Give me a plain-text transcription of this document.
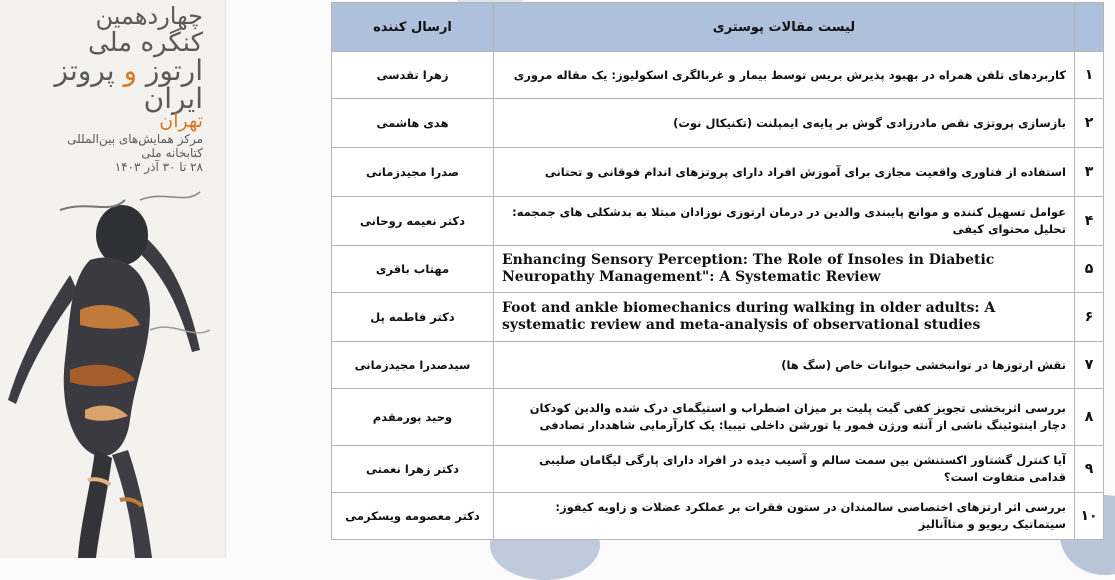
چهاردهمین
کنگره ملی
ارتوز و پروتز
ایران
تهران
مرکز همایش‌های بین‌المللی
کتابخانه ملی
۲۸ تا ۳۰ آذر ۱۴۰۳
	لیست مقالات پوستری	ارسال کننده
۱	کاربردهای تلفن همراه در بهبود پذیرش بریس توسط بیمار و غربالگری اسکولیوز: یک مقاله مروری	زهرا تقدسی
۲	بازسازی پروتزی نقص مادرزادی گوش بر پایه‌ی ایمپلنت (تکنیکال نوت)	هدی هاشمی
۳	استفاده از فناوری واقعیت مجازی برای آموزش افراد دارای پروتزهای اندام فوقانی و تحتانی	صدرا مجیدزمانی
۴	عوامل تسهیل کننده و موانع پایبندی والدین در درمان ارتوزی نوزادان مبتلا به بدشکلی های جمجمه: تحلیل محتوای کیفی	دکتر نعیمه روحانی
۵	Enhancing Sensory Perception: The Role of Insoles in Diabetic Neuropathy Management": A Systematic Review	مهتاب باقری
۶	Foot and ankle biomechanics during walking in older adults: A systematic review and meta-analysis of observational studies	دکتر فاطمه پل
۷	نقش ارتوزها در توانبخشی حیوانات خاص (سگ ها)	سیدصدرا مجیدزمانی
۸	بررسی اثربخشی تجویز کفی گیت پلیت بر میزان اضطراب و استیگمای درک شده والدین کودکان دچار اینتوئینگ ناشی از آنته ورژن فمور یا تورشن داخلی تیبیا: یک کارآزمایی شاهددار تصادفی	وحید پورمقدم
۹	آیا کنترل گشتاور اکستنشن بین سمت سالم و آسیب دیده در افراد دارای پارگی لیگامان صلیبی قدامی متفاوت است؟	دکتر زهرا نعمتی
۱۰	بررسی اثر ارتزهای اختصاصی سالمندان در ستون فقرات بر عملکرد عضلات و زاویه کیفوز: سیتماتیک ریویو و متاآنالیز	دکتر معصومه ویسکرمی
